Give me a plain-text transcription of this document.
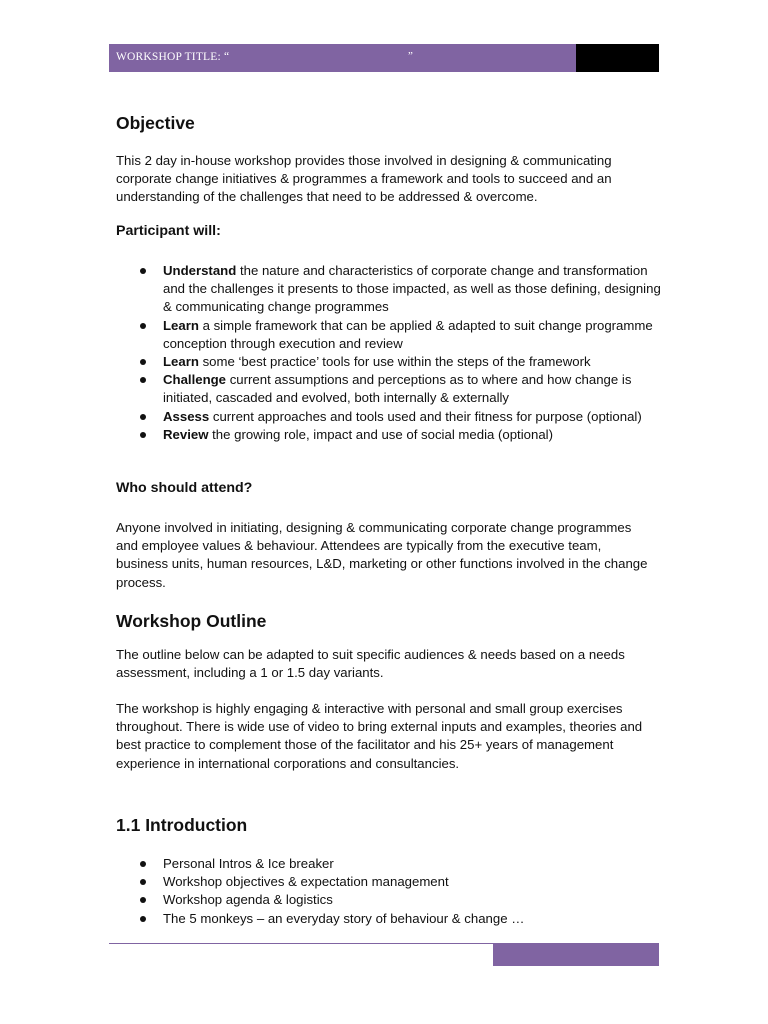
WORKSHOP TITLE: “	”
Objective

This 2 day in-house workshop provides those involved in designing & communicating corporate change initiatives & programmes a framework and tools to succeed and an understanding of the challenges that need to be addressed & overcome.

Participant will:
Understand the nature and characteristics of corporate change and transformation and the challenges it presents to those impacted, as well as those defining, designing & communicating change programmes
Learn a simple framework that can be applied & adapted to suit change programme conception through execution and review
Learn some ‘best practice’ tools for use within the steps of the framework
Challenge current assumptions and perceptions as to where and how change is initiated, cascaded and evolved, both internally & externally
Assess current approaches and tools used and their fitness for purpose (optional)
Review the growing role, impact and use of social media (optional)
Who should attend?

Anyone involved in initiating, designing & communicating corporate change programmes and employee values & behaviour. Attendees are typically from the executive team, business units, human resources, L&D, marketing or other functions involved in the change process.

Workshop Outline

The outline below can be adapted to suit specific audiences & needs based on a needs assessment, including a 1 or 1.5 day variants.

The workshop is highly engaging & interactive with personal and small group exercises throughout. There is wide use of video to bring external inputs and examples, theories and best practice to complement those of the facilitator and his 25+ years of management experience in international corporations and consultancies.

1.1 Introduction
Personal Intros & Ice breaker
Workshop objectives & expectation management
Workshop agenda & logistics
The 5 monkeys – an everyday story of behaviour & change …
